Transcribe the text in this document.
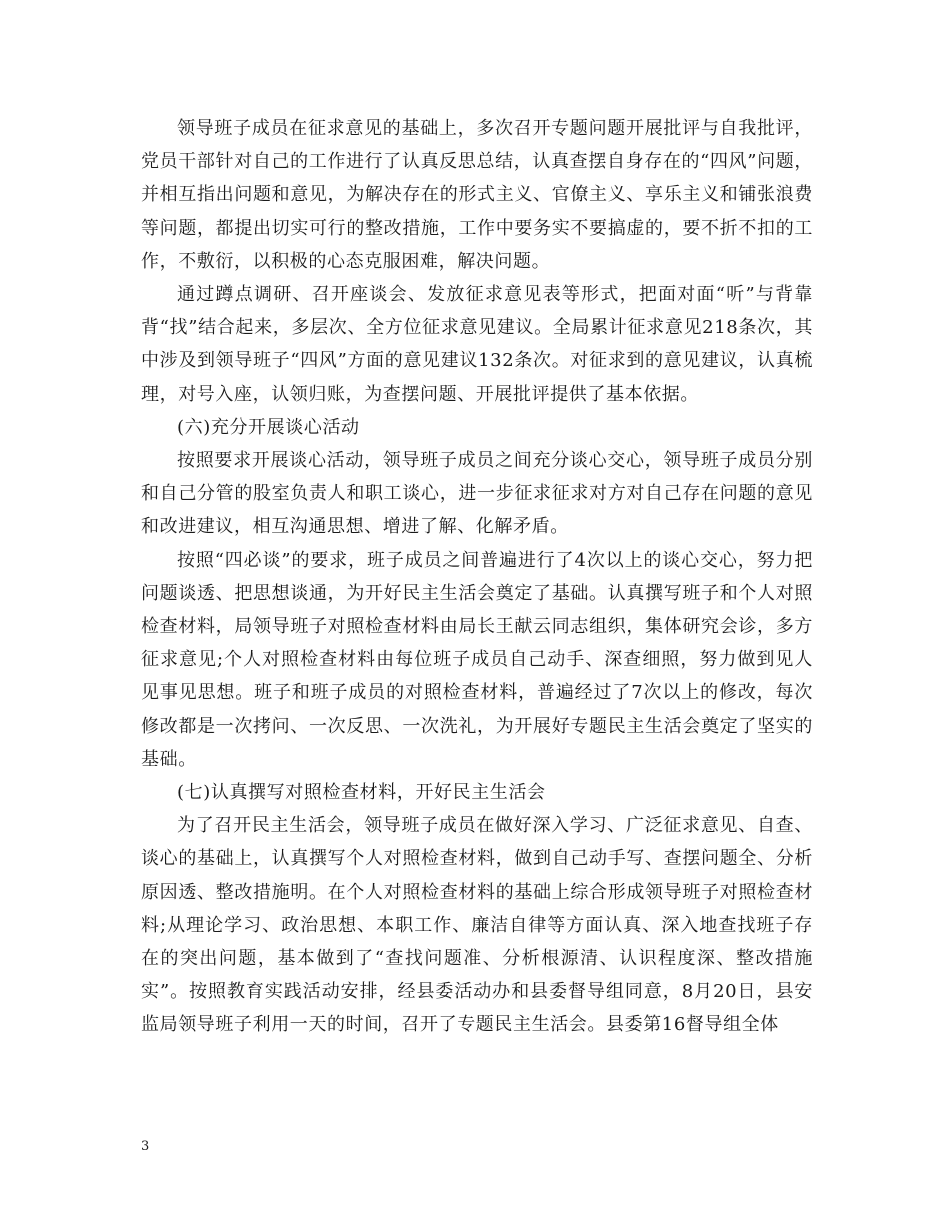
领导班子成员在征求意见的基础上，多次召开专题问题开展批评与自我批评，党员干部针对自己的工作进行了认真反思总结，认真查摆自身存在的“四风”问题，并相互指出问题和意见，为解决存在的形式主义、官僚主义、享乐主义和铺张浪费等问题，都提出切实可行的整改措施，工作中要务实不要搞虚的，要不折不扣的工作，不敷衍，以积极的心态克服困难，解决问题。

通过蹲点调研、召开座谈会、发放征求意见表等形式，把面对面“听”与背靠背“找”结合起来，多层次、全方位征求意见建议。全局累计征求意见218条次，其中涉及到领导班子“四风”方面的意见建议132条次。对征求到的意见建议，认真梳理，对号入座，认领归账，为查摆问题、开展批评提供了基本依据。

(六)充分开展谈心活动

按照要求开展谈心活动，领导班子成员之间充分谈心交心，领导班子成员分别和自己分管的股室负责人和职工谈心，进一步征求征求对方对自己存在问题的意见和改进建议，相互沟通思想、增进了解、化解矛盾。

按照“四必谈”的要求，班子成员之间普遍进行了4次以上的谈心交心，努力把问题谈透、把思想谈通，为开好民主生活会奠定了基础。认真撰写班子和个人对照检查材料，局领导班子对照检查材料由局长王献云同志组织，集体研究会诊，多方征求意见;个人对照检查材料由每位班子成员自己动手、深查细照，努力做到见人见事见思想。班子和班子成员的对照检查材料，普遍经过了7次以上的修改，每次修改都是一次拷问、一次反思、一次洗礼，为开展好专题民主生活会奠定了坚实的基础。

(七)认真撰写对照检查材料，开好民主生活会

为了召开民主生活会，领导班子成员在做好深入学习、广泛征求意见、自查、谈心的基础上，认真撰写个人对照检查材料，做到自己动手写、查摆问题全、分析原因透、整改措施明。在个人对照检查材料的基础上综合形成领导班子对照检查材料;从理论学习、政治思想、本职工作、廉洁自律等方面认真、深入地查找班子存在的突出问题，基本做到了“查找问题准、分析根源清、认识程度深、整改措施实”。按照教育实践活动安排，经县委活动办和县委督导组同意，8月20日，县安监局领导班子利用一天的时间，召开了专题民主生活会。县委第16督导组全体

3
